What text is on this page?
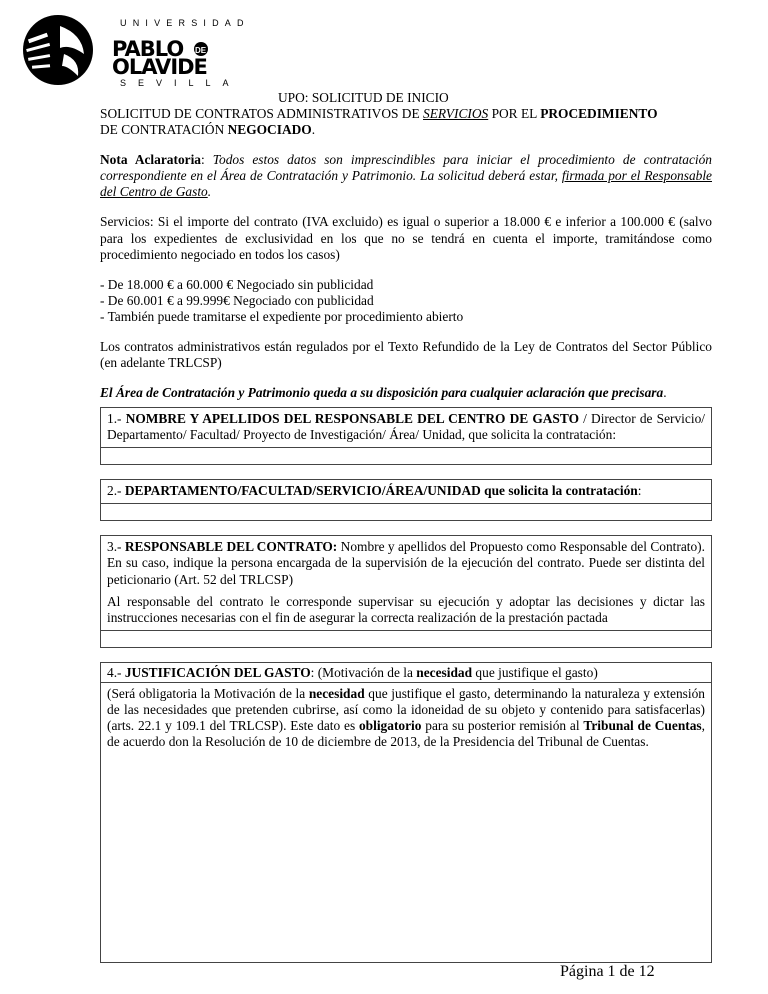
UNIVERSIDAD
PABLO DE
OLAVIDE
SEVILLA

UPO: SOLICITUD DE INICIO

SOLICITUD DE CONTRATOS ADMINISTRATIVOS DE SERVICIOS POR EL PROCEDIMIENTO

DE CONTRATACIÓN NEGOCIADO.

Nota Aclaratoria: Todos estos datos son imprescindibles para iniciar el procedimiento de contratación correspondiente en el Área de Contratación y Patrimonio. La solicitud deberá estar, firmada por el Responsable del Centro de Gasto.

Servicios: Si el importe del contrato (IVA excluido) es igual o superior a 18.000 € e inferior a 100.000 € (salvo para los expedientes de exclusividad en los que no se tendrá en cuenta el importe, tramitándose como procedimiento negociado en todos los casos)

- De 18.000 € a 60.000 € Negociado sin publicidad

- De 60.001 € a 99.999€ Negociado con publicidad

- También puede tramitarse el expediente por procedimiento abierto

Los contratos administrativos están regulados por el Texto Refundido de la Ley de Contratos del Sector Público (en adelante TRLCSP)

El Área de Contratación y Patrimonio queda a su disposición para cualquier aclaración que precisara.

1.- NOMBRE Y APELLIDOS DEL RESPONSABLE DEL CENTRO DE GASTO / Director de Servicio/ Departamento/ Facultad/ Proyecto de Investigación/ Área/ Unidad, que solicita la contratación:
2.- DEPARTAMENTO/FACULTAD/SERVICIO/ÁREA/UNIDAD que solicita la contratación:
3.- RESPONSABLE DEL CONTRATO: Nombre y apellidos del Propuesto como Responsable del Contrato). En su caso, indique la persona encargada de la supervisión de la ejecución del contrato. Puede ser distinta del peticionario (Art. 52 del TRLCSP)
Al responsable del contrato le corresponde supervisar su ejecución y adoptar las decisiones y dictar las instrucciones necesarias con el fin de asegurar la correcta realización de la prestación pactada
4.- JUSTIFICACIÓN DEL GASTO: (Motivación de la necesidad que justifique el gasto)
(Será obligatoria la Motivación de la necesidad que justifique el gasto, determinando la naturaleza y extensión de las necesidades que pretenden cubrirse, así como la idoneidad de su objeto y contenido para satisfacerlas) (arts. 22.1 y 109.1 del TRLCSP). Este dato es obligatorio para su posterior remisión al Tribunal de Cuentas, de acuerdo don la Resolución de 10 de diciembre de 2013, de la Presidencia del Tribunal de Cuentas.
Página 1 de 12
